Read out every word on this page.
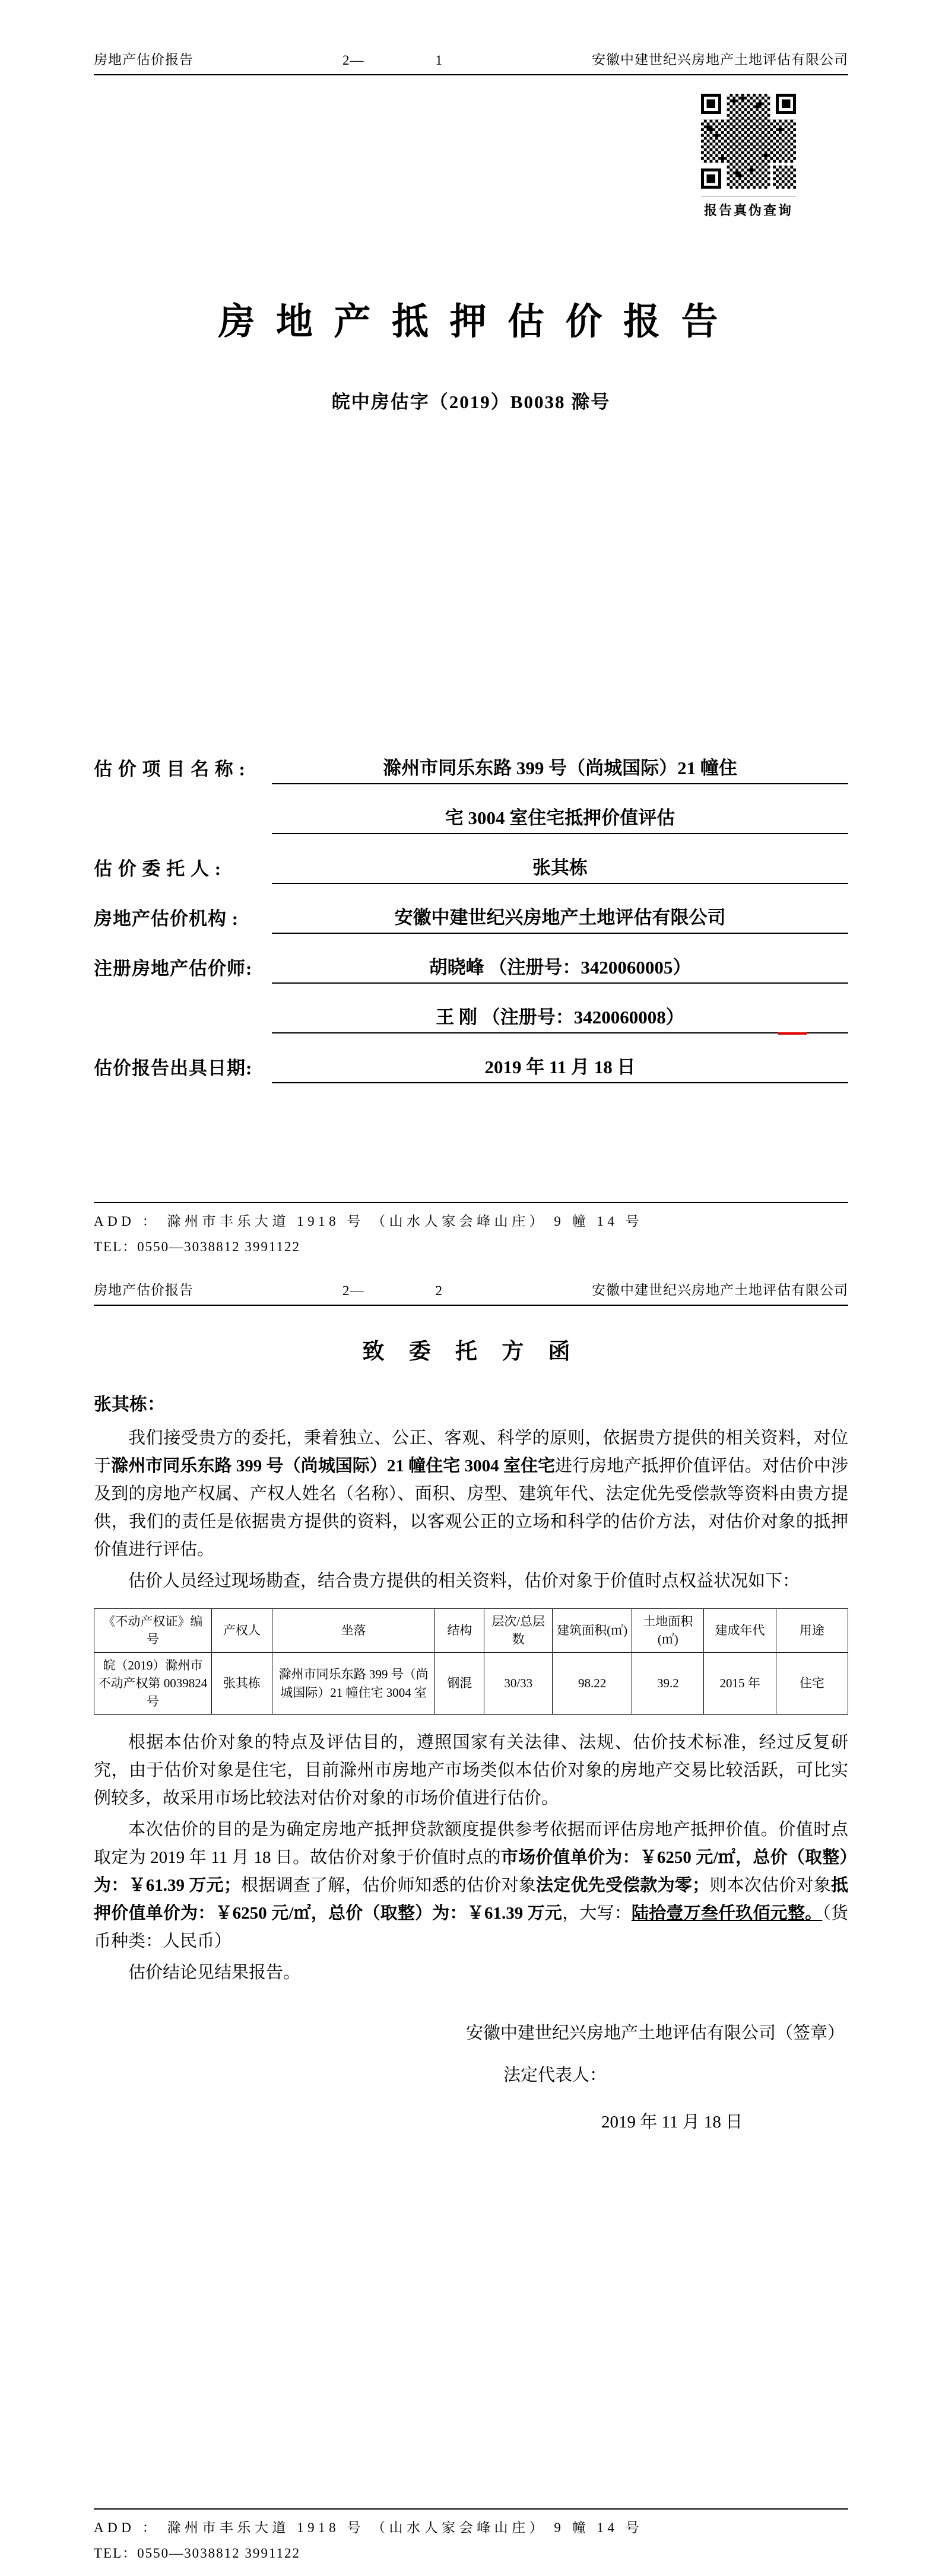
房地产估价报告	2—	1	安徽中建世纪兴房地产土地评估有限公司
报告真伪查询
房 地 产 抵 押 估 价 报 告
皖中房估字（2019）B0038 滁号
估 价 项 目 名 称 :	滁州市同乐东路 399 号（尚城国际）21 幢住
宅 3004 室住宅抵押价值评估
估 价 委 托 人 :	张其栋
房地产估价机构 :	安徽中建世纪兴房地产土地评估有限公司
注册房地产估价师:	胡晓峰 （注册号：3420060005）
王 刚 （注册号：3420060008）
估价报告出具日期:	2019 年 11 月 18 日
ADD ： 滁州市丰乐大道 1918 号 （山水人家会峰山庄） 9 幢 14 号
TEL：0550—3038812 3991122
房地产估价报告	2—	2	安徽中建世纪兴房地产土地评估有限公司
致 委 托 方 函
张其栋：

我们接受贵方的委托，秉着独立、公正、客观、科学的原则，依据贵方提供的相关资料，对位于滁州市同乐东路 399 号（尚城国际）21 幢住宅 3004 室住宅进行房地产抵押价值评估。对估价中涉及到的房地产权属、产权人姓名（名称）、面积、房型、建筑年代、法定优先受偿款等资料由贵方提供，我们的责任是依据贵方提供的资料，以客观公正的立场和科学的估价方法，对估价对象的抵押价值进行评估。

估价人员经过现场勘查，结合贵方提供的相关资料，估价对象于价值时点权益状况如下：

《不动产权证》编号	产权人	坐落	结构	层次/总层数	建筑面积(㎡)	土地面积(㎡)	建成年代	用途
皖（2019）滁州市不动产权第 0039824 号	张其栋	滁州市同乐东路 399 号（尚城国际）21 幢住宅 3004 室	钢混	30/33	98.22	39.2	2015 年	住宅

根据本估价对象的特点及评估目的，遵照国家有关法律、法规、估价技术标准，经过反复研究，由于估价对象是住宅，目前滁州市房地产市场类似本估价对象的房地产交易比较活跃，可比实例较多，故采用市场比较法对估价对象的市场价值进行估价。

本次估价的目的是为确定房地产抵押贷款额度提供参考依据而评估房地产抵押价值。价值时点取定为 2019 年 11 月 18 日。故估价对象于价值时点的市场价值单价为：￥6250 元/㎡，总价（取整）为：￥61.39 万元；根据调查了解，估价师知悉的估价对象法定优先受偿款为零；则本次估价对象抵押价值单价为：￥6250 元/㎡，总价（取整）为：￥61.39 万元，大写：陆拾壹万叁仟玖佰元整。（货币种类：人民币）

估价结论见结果报告。

安徽中建世纪兴房地产土地评估有限公司（签章）
法定代表人：
2019 年 11 月 18 日
ADD ： 滁州市丰乐大道 1918 号 （山水人家会峰山庄） 9 幢 14 号
TEL：0550—3038812 3991122
